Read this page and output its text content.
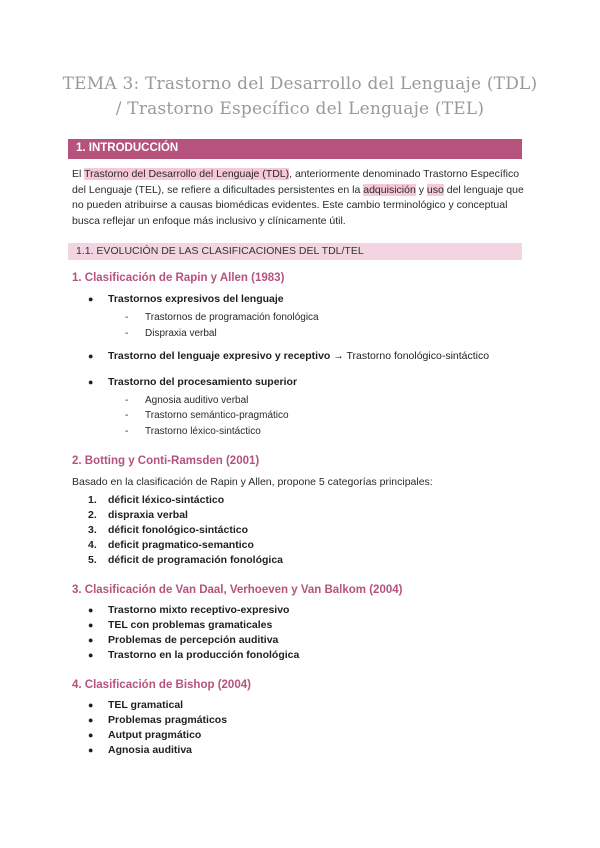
TEMA 3: Trastorno del Desarrollo del Lenguaje (TDL) / Trastorno Específico del Lenguaje (TEL)
1. INTRODUCCIÓN
El Trastorno del Desarrollo del Lenguaje (TDL), anteriormente denominado Trastorno Específico del Lenguaje (TEL), se refiere a dificultades persistentes en la adquisición y uso del lenguaje que no pueden atribuirse a causas biomédicas evidentes. Este cambio terminológico y conceptual busca reflejar un enfoque más inclusivo y clínicamente útil.
1.1. EVOLUCIÓN DE LAS CLASIFICACIONES DEL TDL/TEL
1. Clasificación de Rapin y Allen (1983)
● Trastornos expresivos del lenguaje
- Trastornos de programación fonológica
- Dispraxia verbal
● Trastorno del lenguaje expresivo y receptivo → Trastorno fonológico-sintáctico
● Trastorno del procesamiento superior
- Agnosia auditivo verbal
- Trastorno semántico-pragmático
- Trastorno léxico-sintáctico
2. Botting y Conti-Ramsden (2001)
Basado en la clasificación de Rapin y Allen, propone 5 categorías principales:
1. déficit léxico-sintáctico
2. dispraxia verbal
3. déficit fonológico-sintáctico
4. deficit pragmatico-semantico
5. déficit de programación fonológica
3. Clasificación de Van Daal, Verhoeven y Van Balkom (2004)
● Trastorno mixto receptivo-expresivo
● TEL con problemas gramaticales
● Problemas de percepción auditiva
● Trastorno en la producción fonológica
4. Clasificación de Bishop (2004)
● TEL gramatical
● Problemas pragmáticos
● Autput pragmático
● Agnosia auditiva
